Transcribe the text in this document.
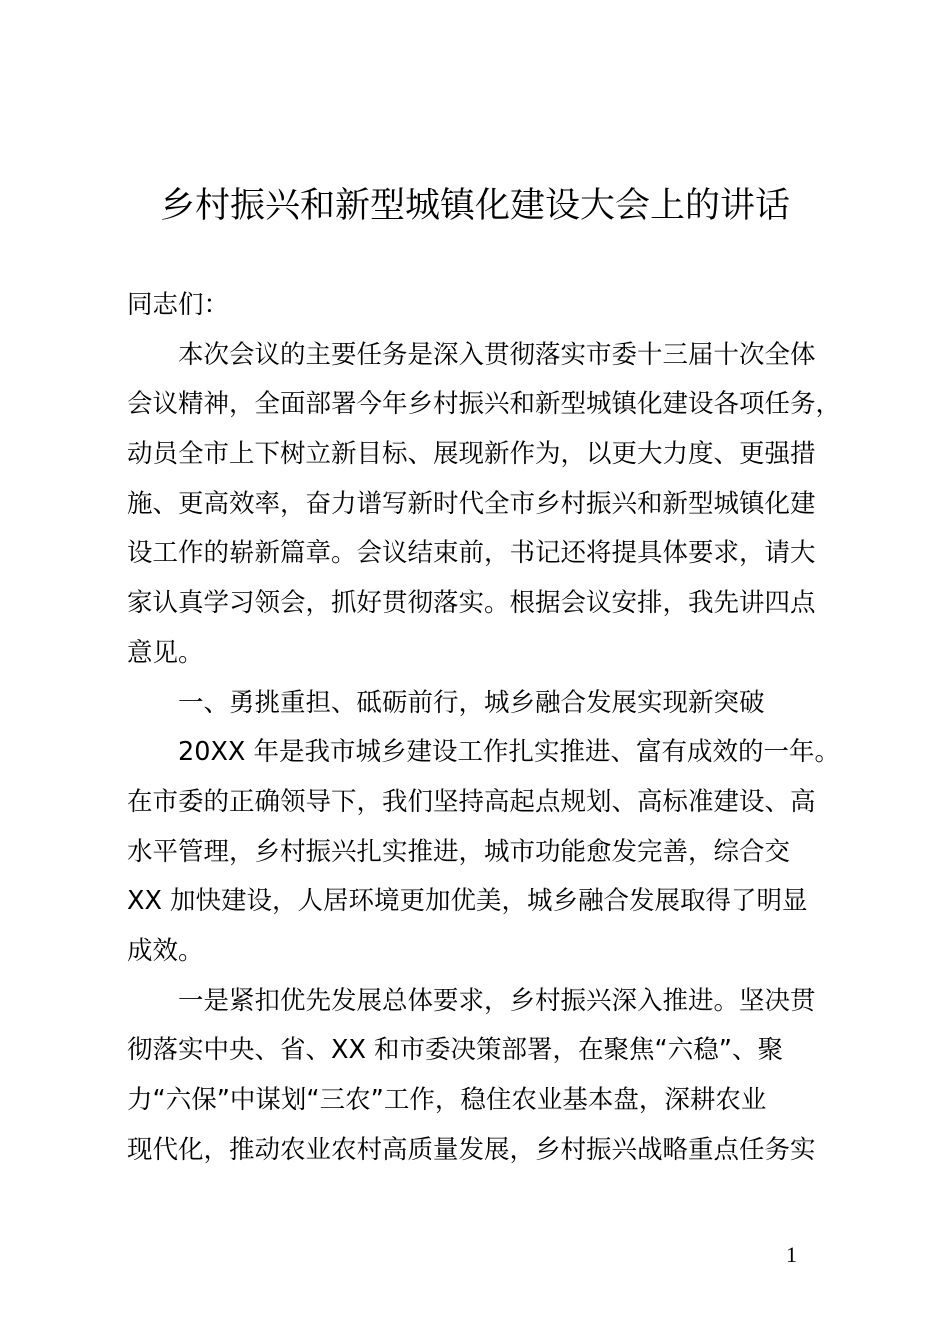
乡村振兴和新型城镇化建设大会上的讲话
同志们：
本次会议的主要任务是深入贯彻落实市委十三届十次全体
会议精神，全面部署今年乡村振兴和新型城镇化建设各项任务，
动员全市上下树立新目标、展现新作为，以更大力度、更强措
施、更高效率，奋力谱写新时代全市乡村振兴和新型城镇化建
设工作的崭新篇章。会议结束前，书记还将提具体要求，请大
家认真学习领会，抓好贯彻落实。根据会议安排，我先讲四点
意见。
一、勇挑重担、砥砺前行，城乡融合发展实现新突破
20XX 年是我市城乡建设工作扎实推进、富有成效的一年。
在市委的正确领导下，我们坚持高起点规划、高标准建设、高
水平管理，乡村振兴扎实推进，城市功能愈发完善，综合交
XX 加快建设，人居环境更加优美，城乡融合发展取得了明显
成效。
一是紧扣优先发展总体要求，乡村振兴深入推进。坚决贯
彻落实中央、省、XX 和市委决策部署，在聚焦“六稳”、聚
力“六保”中谋划“三农”工作，稳住农业基本盘，深耕农业
现代化，推动农业农村高质量发展，乡村振兴战略重点任务实
1
